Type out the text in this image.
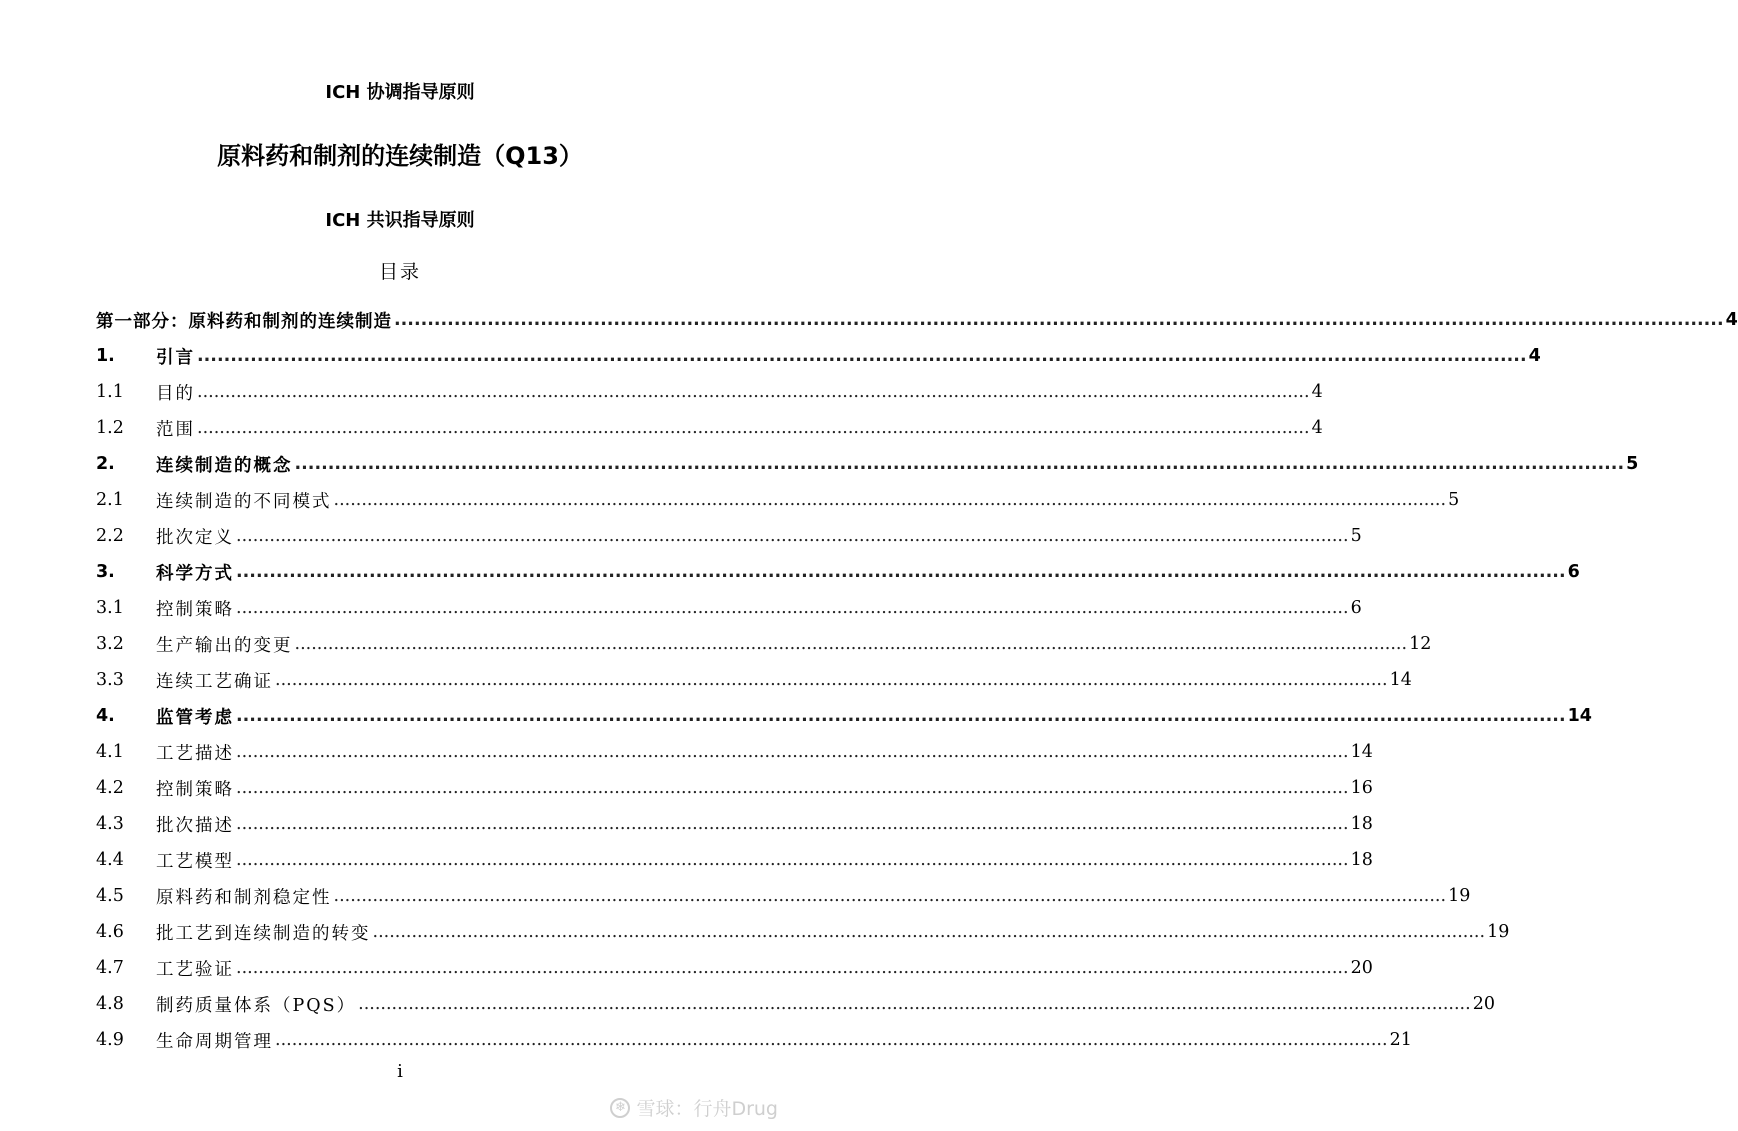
ICH 协调指导原则
原料药和制剂的连续制造（Q13）
ICH 共识指导原则
目录
第一部分：原料药和制剂的连续制造 ........................................................................................................................................................................................................ 4
1.	引言 ........................................................................................................................................................................................................ 4
1.1	目的 ........................................................................................................................................................................................................ 4
1.2	范围 ........................................................................................................................................................................................................ 4
2.	连续制造的概念 ........................................................................................................................................................................................................ 5
2.1	连续制造的不同模式 ........................................................................................................................................................................................................ 5
2.2	批次定义 ........................................................................................................................................................................................................ 5
3.	科学方式 ........................................................................................................................................................................................................ 6
3.1	控制策略 ........................................................................................................................................................................................................ 6
3.2	生产输出的变更 ........................................................................................................................................................................................................ 12
3.3	连续工艺确证 ........................................................................................................................................................................................................ 14
4.	监管考虑 ........................................................................................................................................................................................................ 14
4.1	工艺描述 ........................................................................................................................................................................................................ 14
4.2	控制策略 ........................................................................................................................................................................................................ 16
4.3	批次描述 ........................................................................................................................................................................................................ 18
4.4	工艺模型 ........................................................................................................................................................................................................ 18
4.5	原料药和制剂稳定性 ........................................................................................................................................................................................................ 19
4.6	批工艺到连续制造的转变 ........................................................................................................................................................................................................ 19
4.7	工艺验证 ........................................................................................................................................................................................................ 20
4.8	制药质量体系（PQS） ........................................................................................................................................................................................................ 20
4.9	生命周期管理 ........................................................................................................................................................................................................ 21
i
❄ 雪球：行舟Drug
